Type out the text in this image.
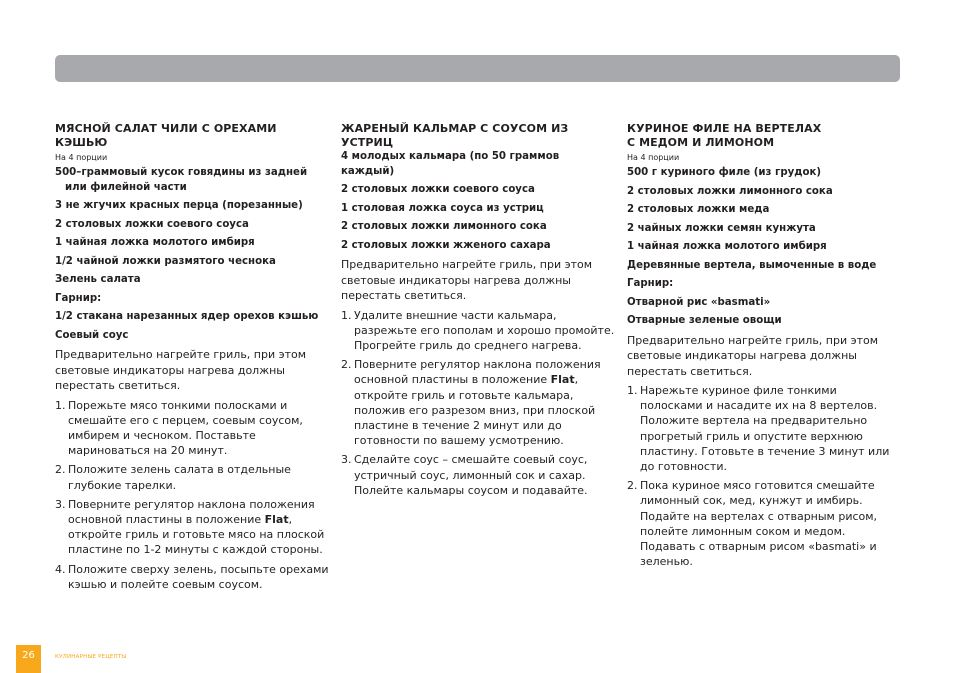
МЯСНОЙ САЛАТ ЧИЛИ С ОРЕХАМИ КЭШЬЮ
На 4 порции
500–граммовый кусок говядины из задней
или филейной части
3 не жгучих красных перца (порезанные)
2 столовых ложки соевого соуса
1 чайная ложка молотого имбиря
1/2 чайной ложки размятого чеснока
Зелень салата
Гарнир:
1/2 стакана нарезанных ядер орехов кэшью
Соевый соус

Предварительно нагрейте гриль, при этом световые индикаторы нагрева должны перестать светиться.

1. Порежьте мясо тонкими полосками и смешайте его с перцем, соевым соусом, имбирем и чесноком. Поставьте мариноваться на 20 минут.
2. Положите зелень салата в отдельные глубокие тарелки.
3. Поверните регулятор наклона положения основной пластины в положение Flat, откройте гриль и готовьте мясо на плоской пластине по 1-2 минуты с каждой стороны.
4. Положите сверху зелень, посыпьте орехами кэшью и полейте соевым соусом.
ЖАРЕНЫЙ КАЛЬМАР С СОУСОМ ИЗ УСТРИЦ
4 молодых кальмара (по 50 граммов каждый)
2 столовых ложки соевого соуса
1 столовая ложка соуса из устриц
2 столовых ложки лимонного сока
2 столовых ложки жженого сахара

Предварительно нагрейте гриль, при этом световые индикаторы нагрева должны перестать светиться.

1. Удалите внешние части кальмара, разрежьте его пополам и хорошо промойте. Прогрейте гриль до среднего нагрева.
2. Поверните регулятор наклона положения основной пластины в положение Flat, откройте гриль и готовьте кальмара, положив его разрезом вниз, при плоской пластине в течение 2 минут или до готовности по вашему усмотрению.
3. Сделайте соус – смешайте соевый соус, устричный соус, лимонный сок и сахар. Полейте кальмары соусом и подавайте.
КУРИНОЕ ФИЛЕ НА ВЕРТЕЛАХ
С МЕДОМ И ЛИМОНОМ
На 4 порции
500 г куриного филе (из грудок)
2 столовых ложки лимонного сока
2 столовых ложки меда
2 чайных ложки семян кунжута
1 чайная ложка молотого имбиря
Деревянные вертела, вымоченные в воде
Гарнир:
Отварной рис «basmati»
Отварные зеленые овощи

Предварительно нагрейте гриль, при этом световые индикаторы нагрева должны перестать светиться.

1. Нарежьте куриное филе тонкими полосками и насадите их на 8 вертелов. Положите вертела на предварительно прогретый гриль и опустите верхнюю пластину. Готовьте в течение 3 минут или до готовности.
2. Пока куриное мясо готовится смешайте лимонный сок, мед, кунжут и имбирь. Подайте на вертелах с отварным рисом, полейте лимонным соком и медом. Подавать с отварным рисом «basmati» и зеленью.
26	КУЛИНАРНЫЕ РЕЦЕПТЫ
